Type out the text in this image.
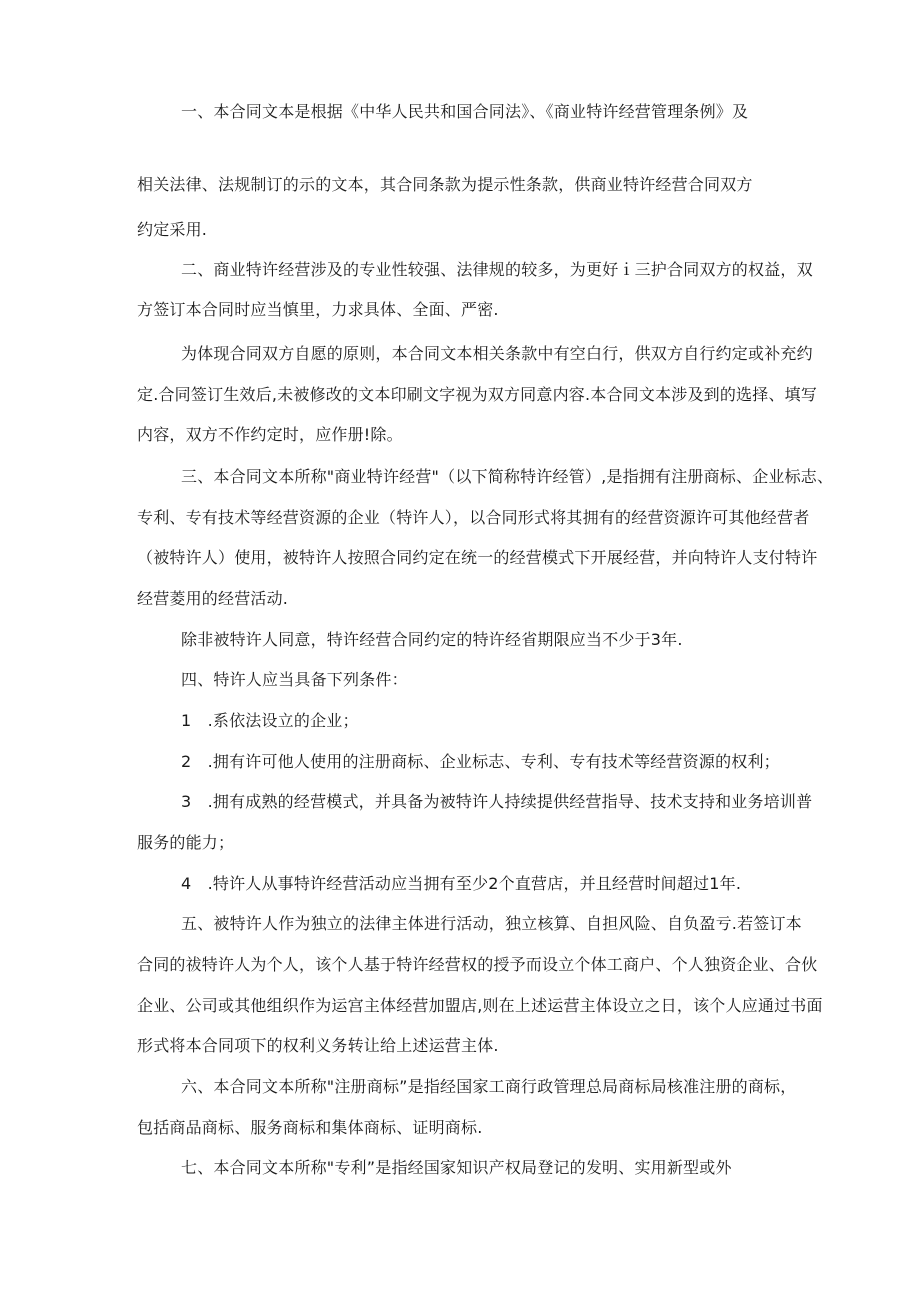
一、本合同文本是根据《中华人民共和国合同法》、《商业特许经营管理条例》及
相关法律、法规制订的示的文本，其合同条款为提示性条款，供商业特许经营合同双方
约定采用.
二、商业特许经营涉及的专业性较强、法律规的较多，为更好ｉ三护合同双方的权益，双
方签订本合同时应当慎里，力求具体、全面、严密.
为体现合同双方自愿的原则，本合同文本相关条款中有空白行，供双方自行约定或补充约
定.合同签订生效后,未被修改的文本印刷文字视为双方同意内容.本合同文本涉及到的选择、填写
内容，双方不作约定时，应作册!除。
三、本合同文本所称"商业特许经营"（以下简称特许经管）,是指拥有注册商标、企业标志、
专利、专有技术等经营资源的企业（特许人），以合同形式将其拥有的经营资源许可其他经营者
（被特许人）使用，被特许人按照合同约定在统一的经营模式下开展经营，并向特许人支付特许
经营菱用的经营活动.
除非被特许人同意，特许经营合同约定的特许经省期限应当不少于3年.
四、特许人应当具备下列条件：
1　.系依法设立的企业；
2　.拥有许可他人使用的注册商标、企业标志、专利、专有技术等经营资源的权利；
3　.拥有成熟的经营模式，并具备为被特许人持续提供经营指导、技术支持和业务培训普
服务的能力；
4　.特许人从事特许经营活动应当拥有至少2个直营店，并且经营时间超过1年.
五、被特许人作为独立的法律主体进行活动，独立核算、自担风险、自负盈亏.若签订本
合同的祓特许人为个人，该个人基于特许经营权的授予而设立个体工商户、个人独资企业、合伙
企业、公司或其他组织作为运宫主体经营加盟店,则在上述运营主体设立之日，该个人应通过书面
形式将本合同项下的权利义务转让给上述运营主体.
六、本合同文本所称"注册商标”是指经国家工商行政管理总局商标局核准注册的商标，
包括商品商标、服务商标和集体商标、证明商标.
七、本合同文本所称"专利”是指经国家知识产权局登记的发明、实用新型或外
